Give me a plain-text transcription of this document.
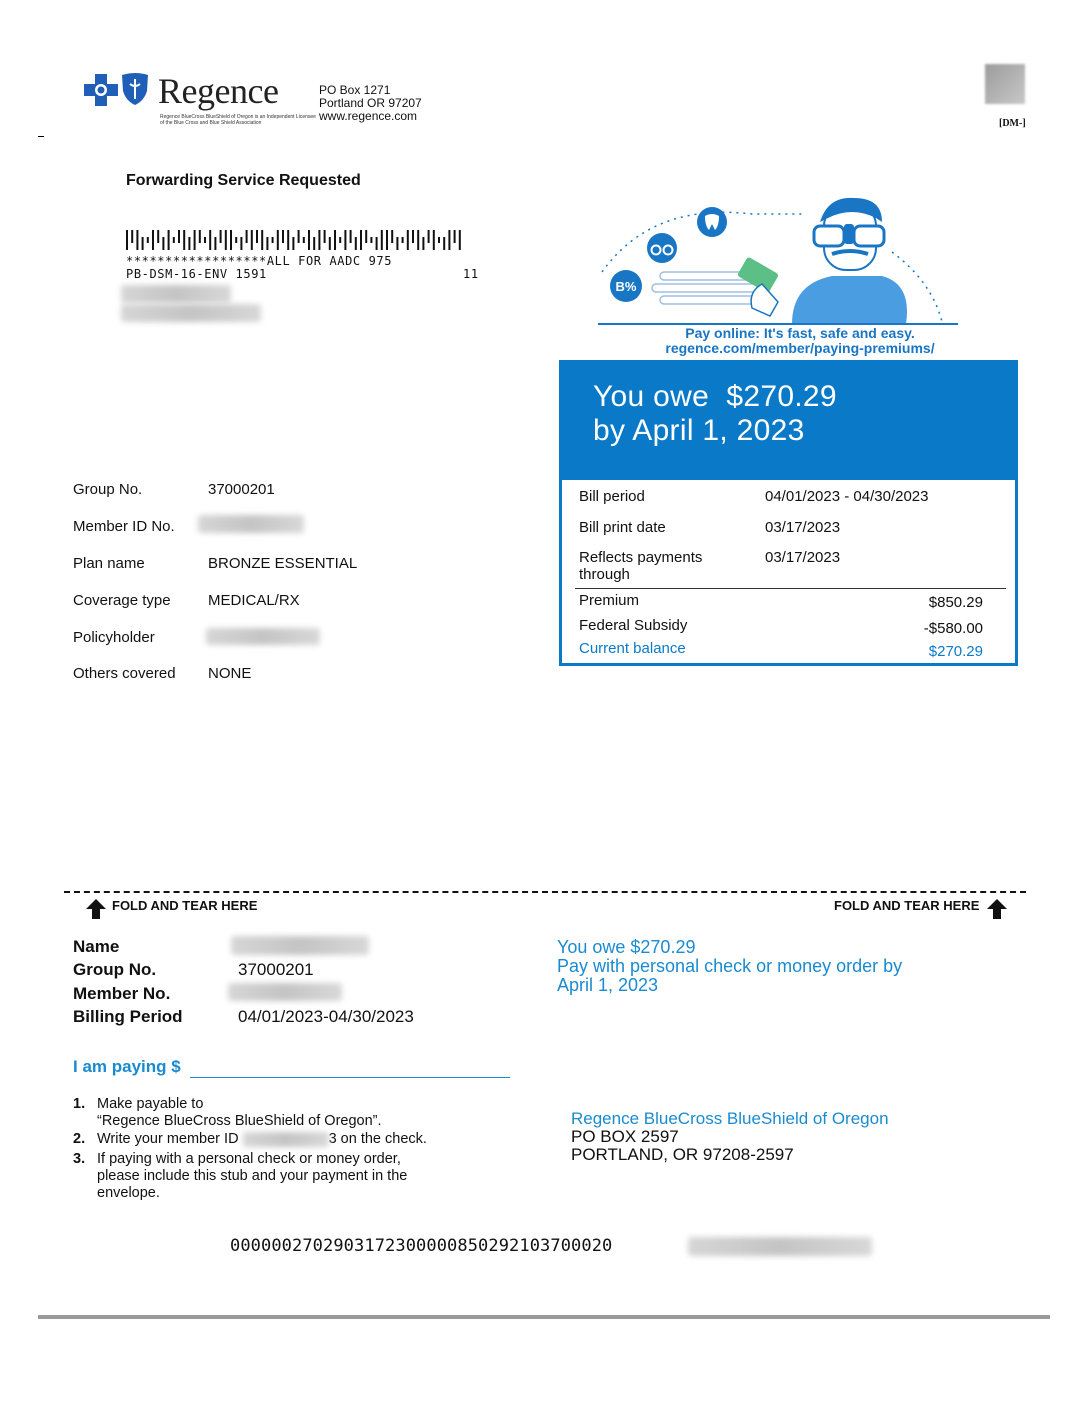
Regence
Regence BlueCross BlueShield of Oregon is an Independent Licensee of the Blue Cross and Blue Shield Association
PO Box 1271
Portland OR 97207
www.regence.com
[DM-]
Forwarding Service Requested
******************ALL FOR AADC 975
PB-DSM-16-ENV 1591	11
B%
Pay online: It's fast, safe and easy.
regence.com/member/paying-premiums/
You owe  $270.29
by April 1, 2023
Bill period	04/01/2023 - 04/30/2023
Bill print date	03/17/2023
Reflects payments
through
03/17/2023
Premium	$850.29
Federal Subsidy	-$580.00
Current balance	$270.29
Group No.	37000201
Member ID No.
Plan name	BRONZE ESSENTIAL
Coverage type MEDICAL/RX
Policyholder
Others covered NONE
FOLD AND TEAR HERE	FOLD AND TEAR HERE
Name
Group No.	37000201
Member No.
Billing Period	04/01/2023-04/30/2023
You owe $270.29
Pay with personal check or money order by
April 1, 2023
I am paying $
1. Make payable to
“Regence BlueCross BlueShield of Oregon”.
2. Write your member ID	3 on the check.
3. If paying with a personal check or money order,
please include this stub and your payment in the
envelope.
Regence BlueCross BlueShield of Oregon
PO BOX 2597
PORTLAND, OR 97208-2597
0000002702903172300000850292103700020
